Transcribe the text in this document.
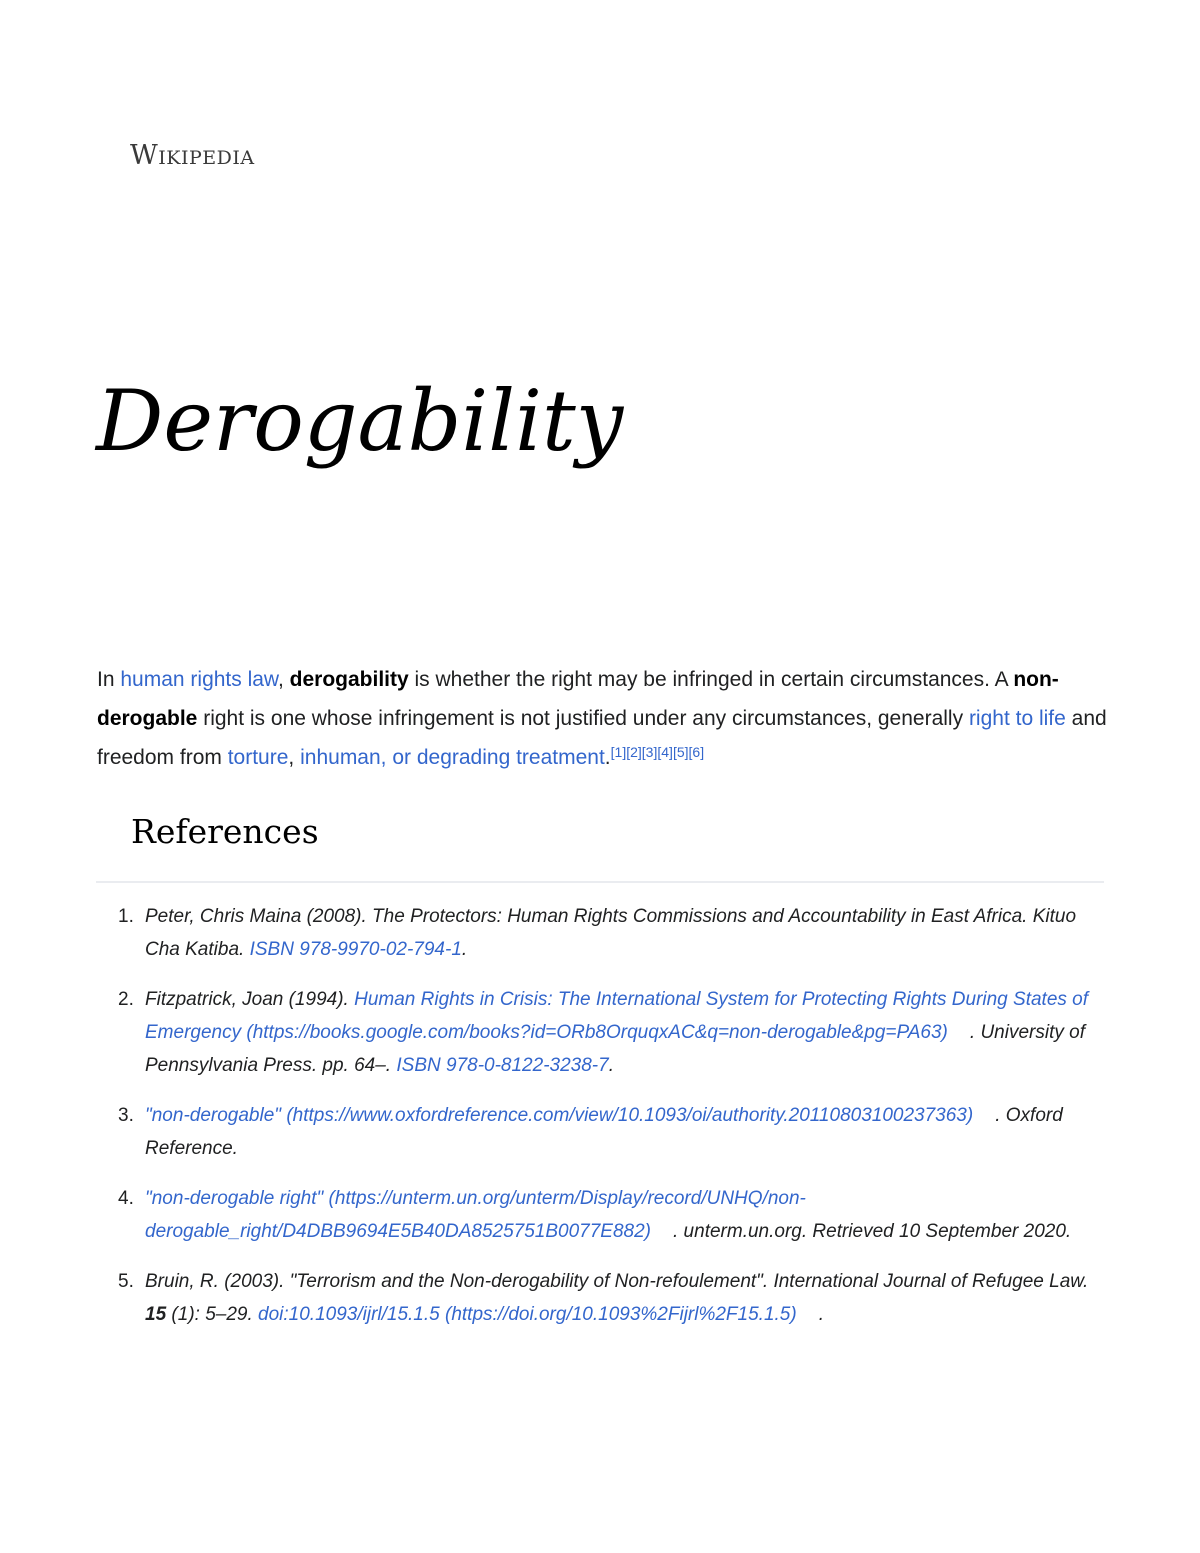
Wikipedia
Derogability

In human rights law, derogability is whether the right may be infringed in certain circumstances. A non-derogable right is one whose infringement is not justified under any circumstances, generally right to life and freedom from torture, inhuman, or degrading treatment.[1][2][3][4][5][6]

References
1. Peter, Chris Maina (2008). The Protectors: Human Rights Commissions and Accountability in East Africa. Kituo Cha Katiba. ISBN 978-9970-02-794-1.
2. Fitzpatrick, Joan (1994). Human Rights in Crisis: The International System for Protecting Rights During States of Emergency (https://books.google.com/books?id=ORb8OrquqxAC&q=non-derogable&pg=PA63) . University of Pennsylvania Press. pp. 64–. ISBN 978-0-8122-3238-7.
3. "non-derogable" (https://www.oxfordreference.com/view/10.1093/oi/authority.20110803100237363) . Oxford Reference.
4. "non-derogable right" (https://unterm.un.org/unterm/Display/record/UNHQ/non-derogable_right/D4DBB9694E5B40DA8525751B0077E882) . unterm.un.org. Retrieved 10 September 2020.
5. Bruin, R. (2003). "Terrorism and the Non-derogability of Non-refoulement". International Journal of Refugee Law. 15 (1): 5–29. doi:10.1093/ijrl/15.1.5 (https://doi.org/10.1093%2Fijrl%2F15.1.5) .
